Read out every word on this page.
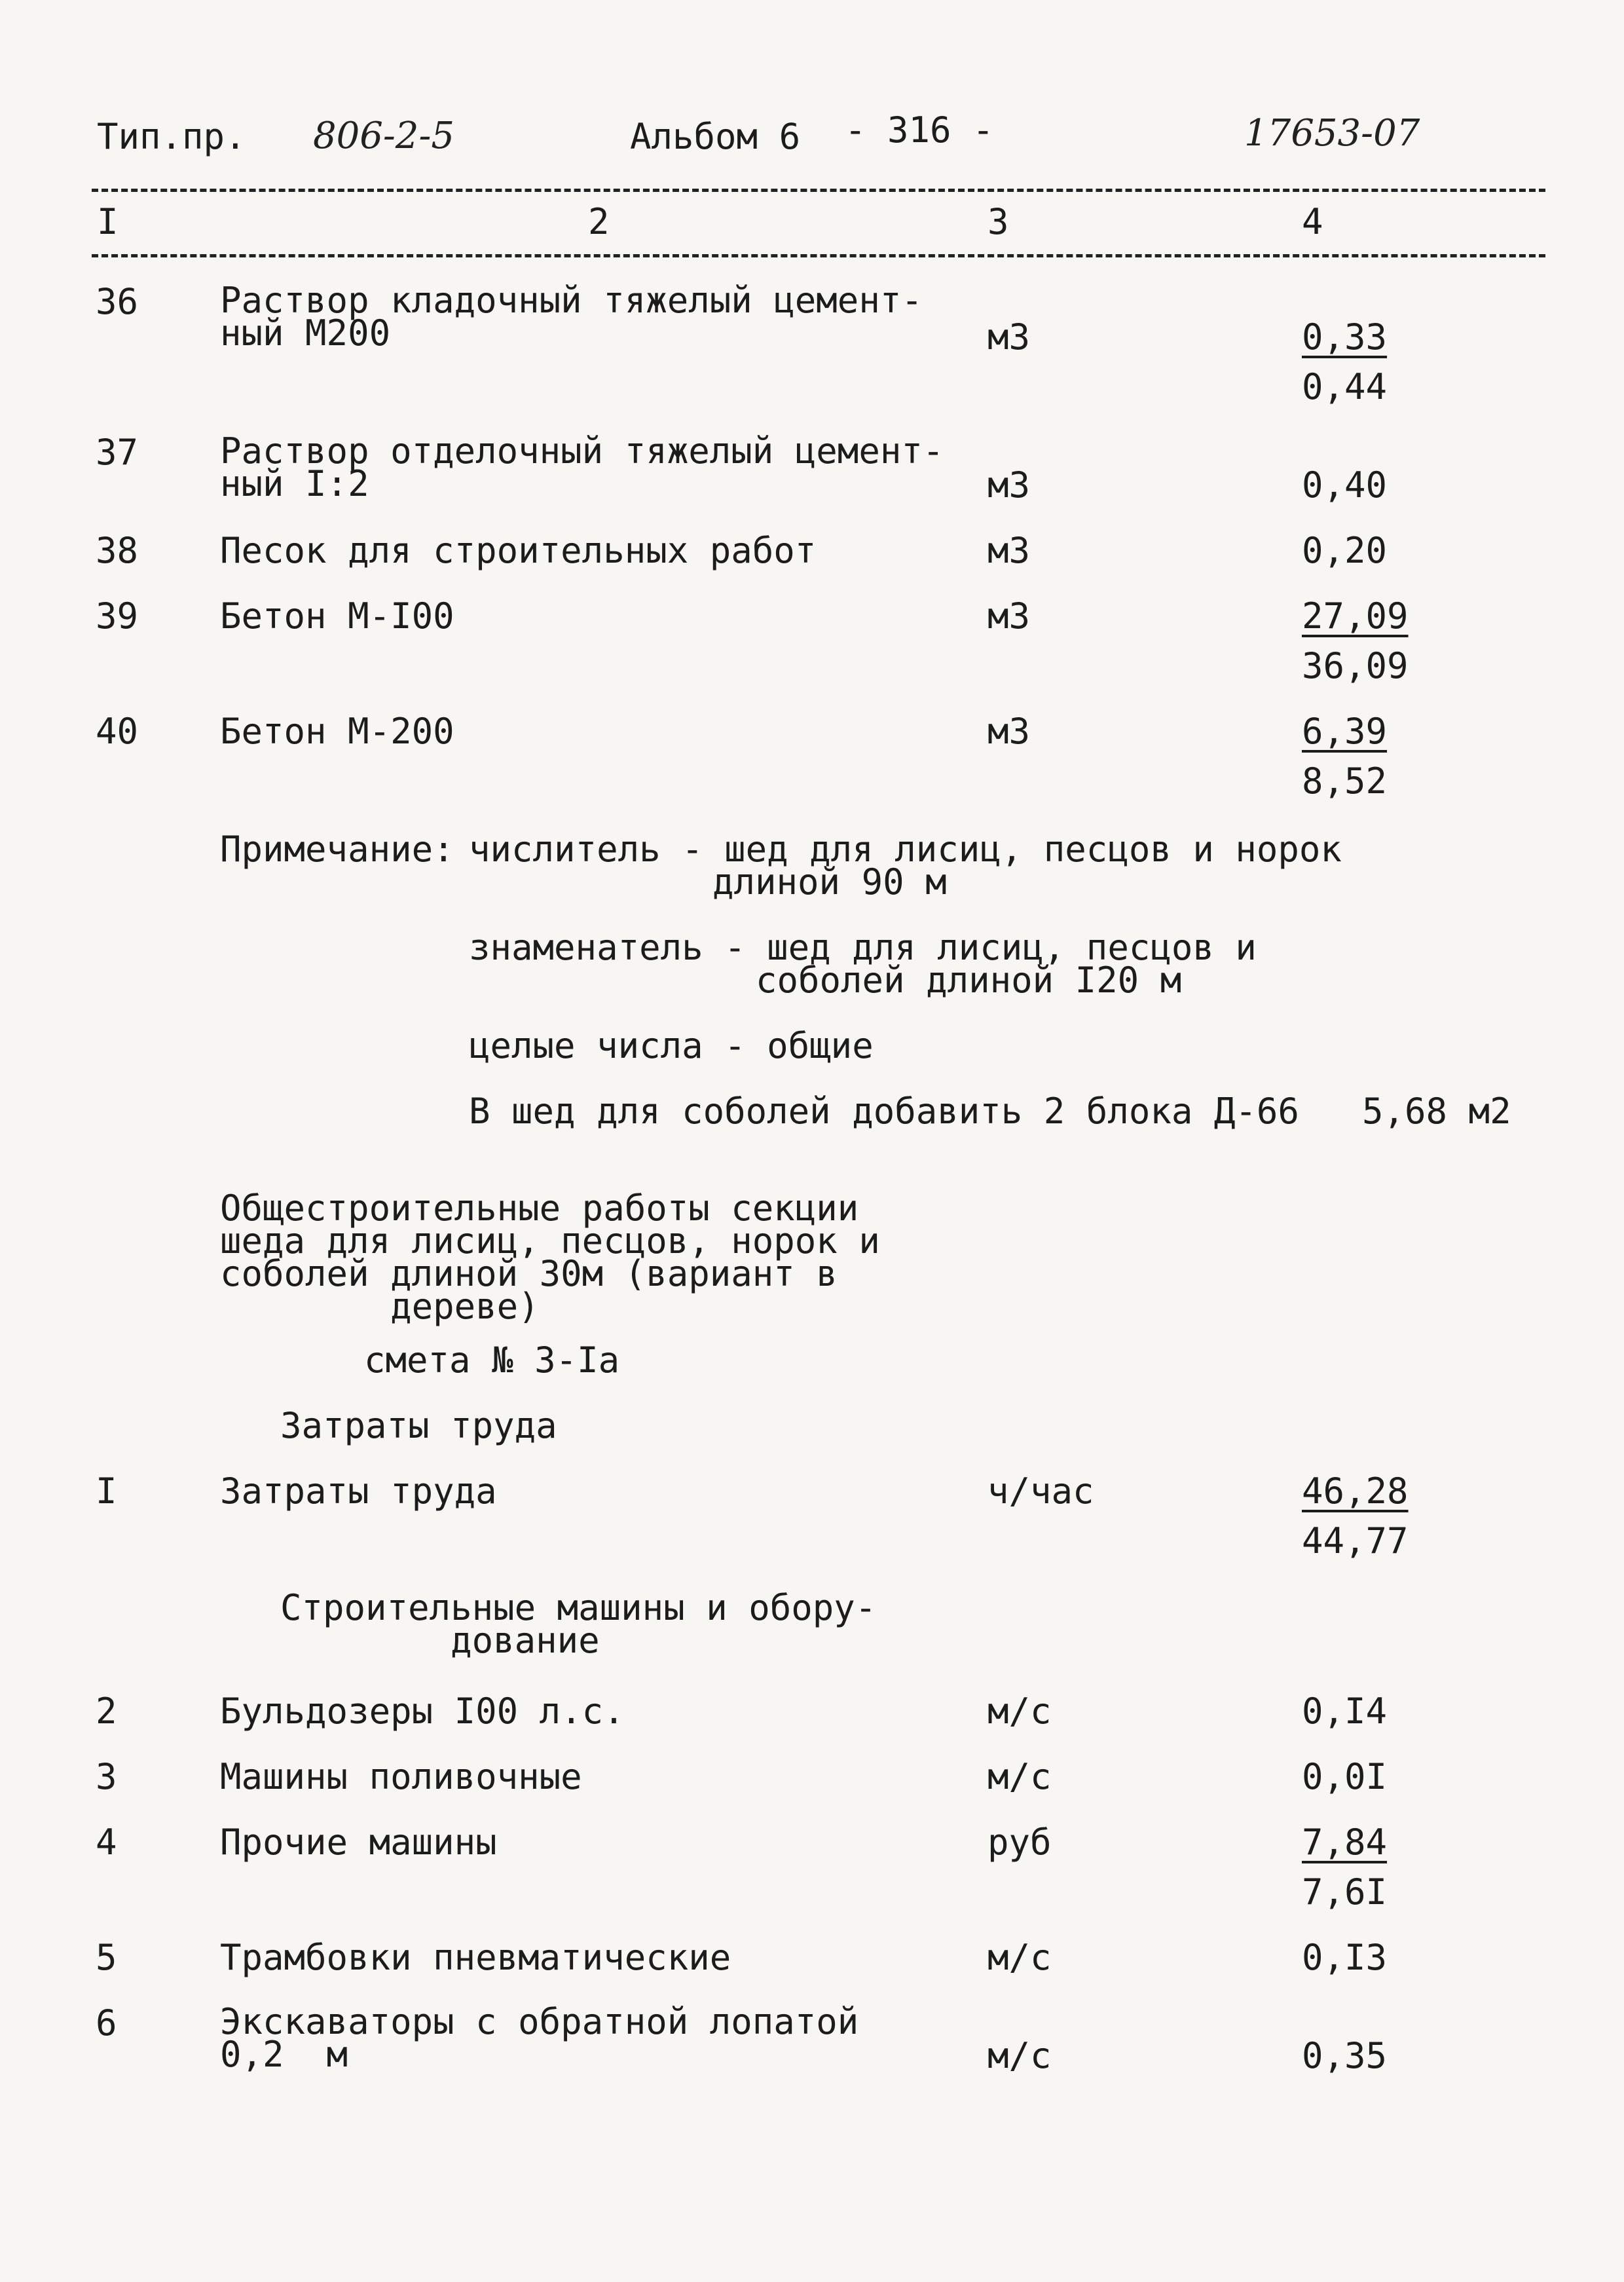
Тип.пр. 806-2-5	Альбом 6 - 316 -	17653-07
I	2	3	4
36 Раствор кладочный тяжелый цемент-
ный М200	м3	0,33
0,44
37 Раствор отделочный тяжелый цемент-
ный I:2	м3	0,40
38 Песок для строительных работ	м3	0,20
39 Бетон М-I00	м3	27,09
36,09
40 Бетон М-200	м3	6,39
8,52
Примечание: числитель - шед для лисиц, песцов и норок
длиной 90 м
знаменатель - шед для лисиц, песцов и
соболей длиной I20 м
целые числа - общие
В шед для соболей добавить 2 блока Д-66 5,68 м2
Общестроительные работы секции
шеда для лисиц, песцов, норок и
соболей длиной 30м (вариант в
дереве)
смета № 3-Iа
Затраты труда
I	Затраты труда	ч/час	46,28
44,77
Строительные машины и обору-
дование
2	Бульдозеры I00 л.с.	м/с	0,I4
3	Машины поливочные	м/с	0,0I
4	Прочие машины	руб	7,84
7,6I
5	Трамбовки пневматические	м/с	0,I3
6	Экскаваторы с обратной лопатой
0,2  м	м/с	0,35
